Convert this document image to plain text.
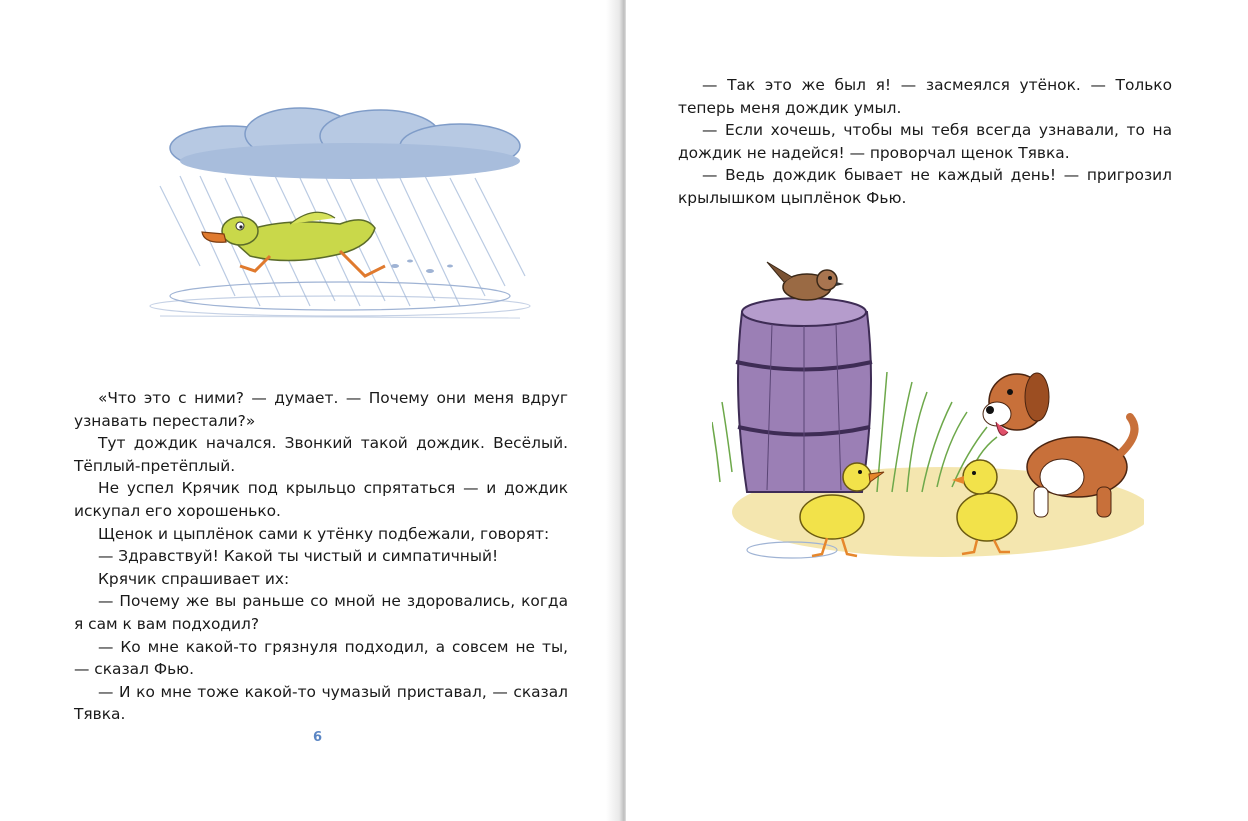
«Что это с ними? — думает. — Почему они меня вдруг узнавать перестали?»

Тут дождик начался. Звонкий такой дождик. Весёлый. Тёплый-претёплый.

Не успел Крячик под крыльцо спрятаться — и дождик искупал его хорошенько.

Щенок и цыплёнок сами к утёнку подбежали, говорят:

— Здравствуй! Какой ты чистый и симпатичный!

Крячик спрашивает их:

— Почему же вы раньше со мной не здоровались, когда я сам к вам подходил?

— Ко мне какой-то грязнуля подходил, а совсем не ты, — сказал Фью.

— И ко мне тоже какой-то чумазый приставал, — сказал Тявка.

6

— Так это же был я! — засмеялся утёнок. — Только теперь меня дождик умыл.

— Если хочешь, чтобы мы тебя всегда узнавали, то на дождик не надейся! — проворчал щенок Тявка.

— Ведь дождик бывает не каждый день! — пригрозил крылышком цыплёнок Фью.
